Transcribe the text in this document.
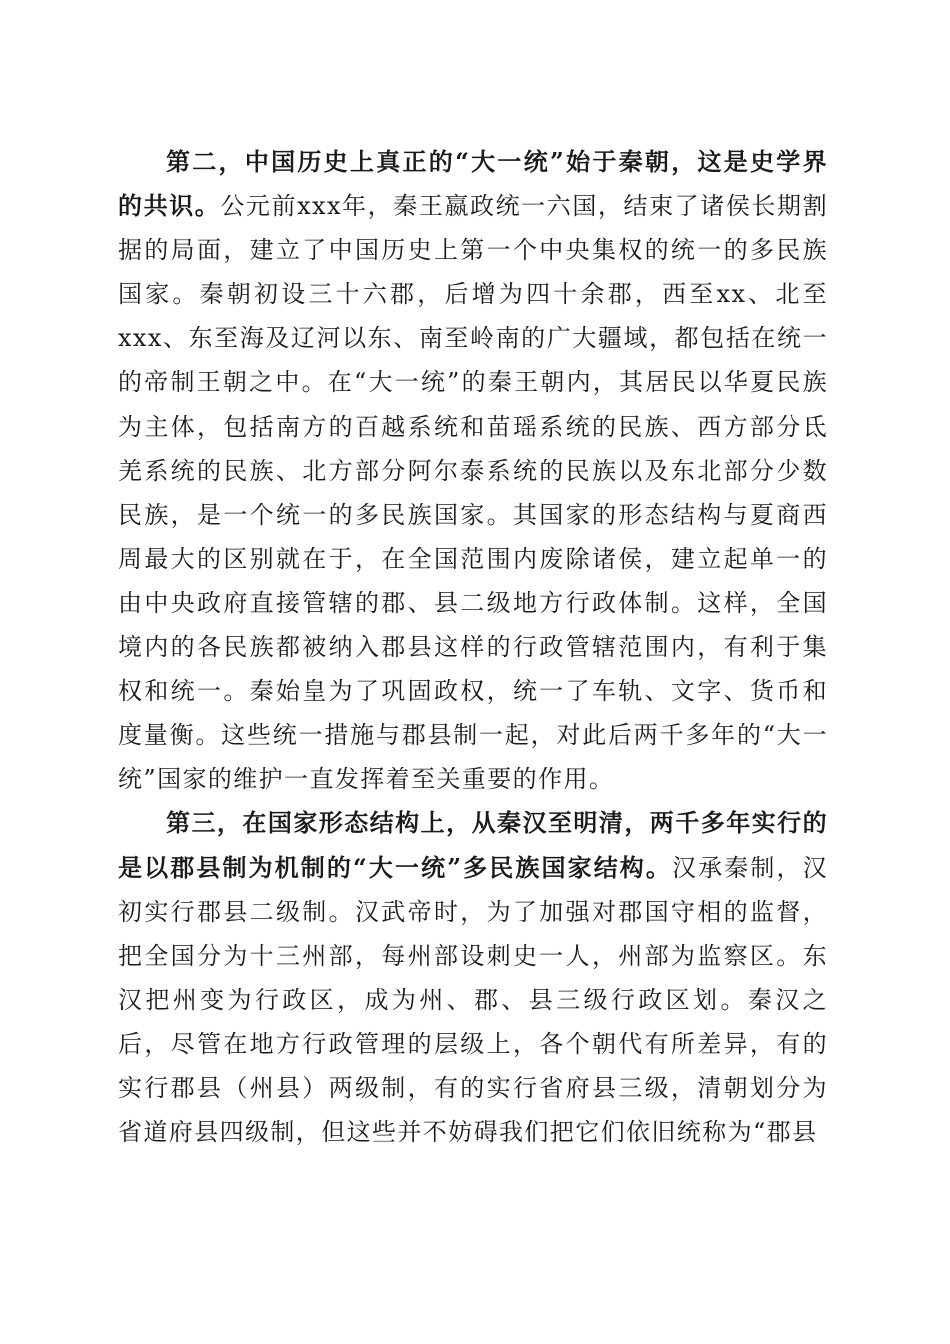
第二，中国历史上真正的“大一统”始于秦朝，这是史学界的共识。公元前xxx年，秦王嬴政统一六国，结束了诸侯长期割据的局面，建立了中国历史上第一个中央集权的统一的多民族国家。秦朝初设三十六郡，后增为四十余郡，西至xx、北至xxx、东至海及辽河以东、南至岭南的广大疆域，都包括在统一的帝制王朝之中。在“大一统”的秦王朝内，其居民以华夏民族为主体，包括南方的百越系统和苗瑶系统的民族、西方部分氐羌系统的民族、北方部分阿尔泰系统的民族以及东北部分少数民族，是一个统一的多民族国家。其国家的形态结构与夏商西周最大的区别就在于，在全国范围内废除诸侯，建立起单一的由中央政府直接管辖的郡、县二级地方行政体制。这样，全国境内的各民族都被纳入郡县这样的行政管辖范围内，有利于集权和统一。秦始皇为了巩固政权，统一了车轨、文字、货币和度量衡。这些统一措施与郡县制一起，对此后两千多年的“大一统”国家的维护一直发挥着至关重要的作用。

第三，在国家形态结构上，从秦汉至明清，两千多年实行的是以郡县制为机制的“大一统”多民族国家结构。汉承秦制，汉初实行郡县二级制。汉武帝时，为了加强对郡国守相的监督，把全国分为十三州部，每州部设刺史一人，州部为监察区。东汉把州变为行政区，成为州、郡、县三级行政区划。秦汉之后，尽管在地方行政管理的层级上，各个朝代有所差异，有的实行郡县（州县）两级制，有的实行省府县三级，清朝划分为省道府县四级制，但这些并不妨碍我们把它们依旧统称为“郡县
